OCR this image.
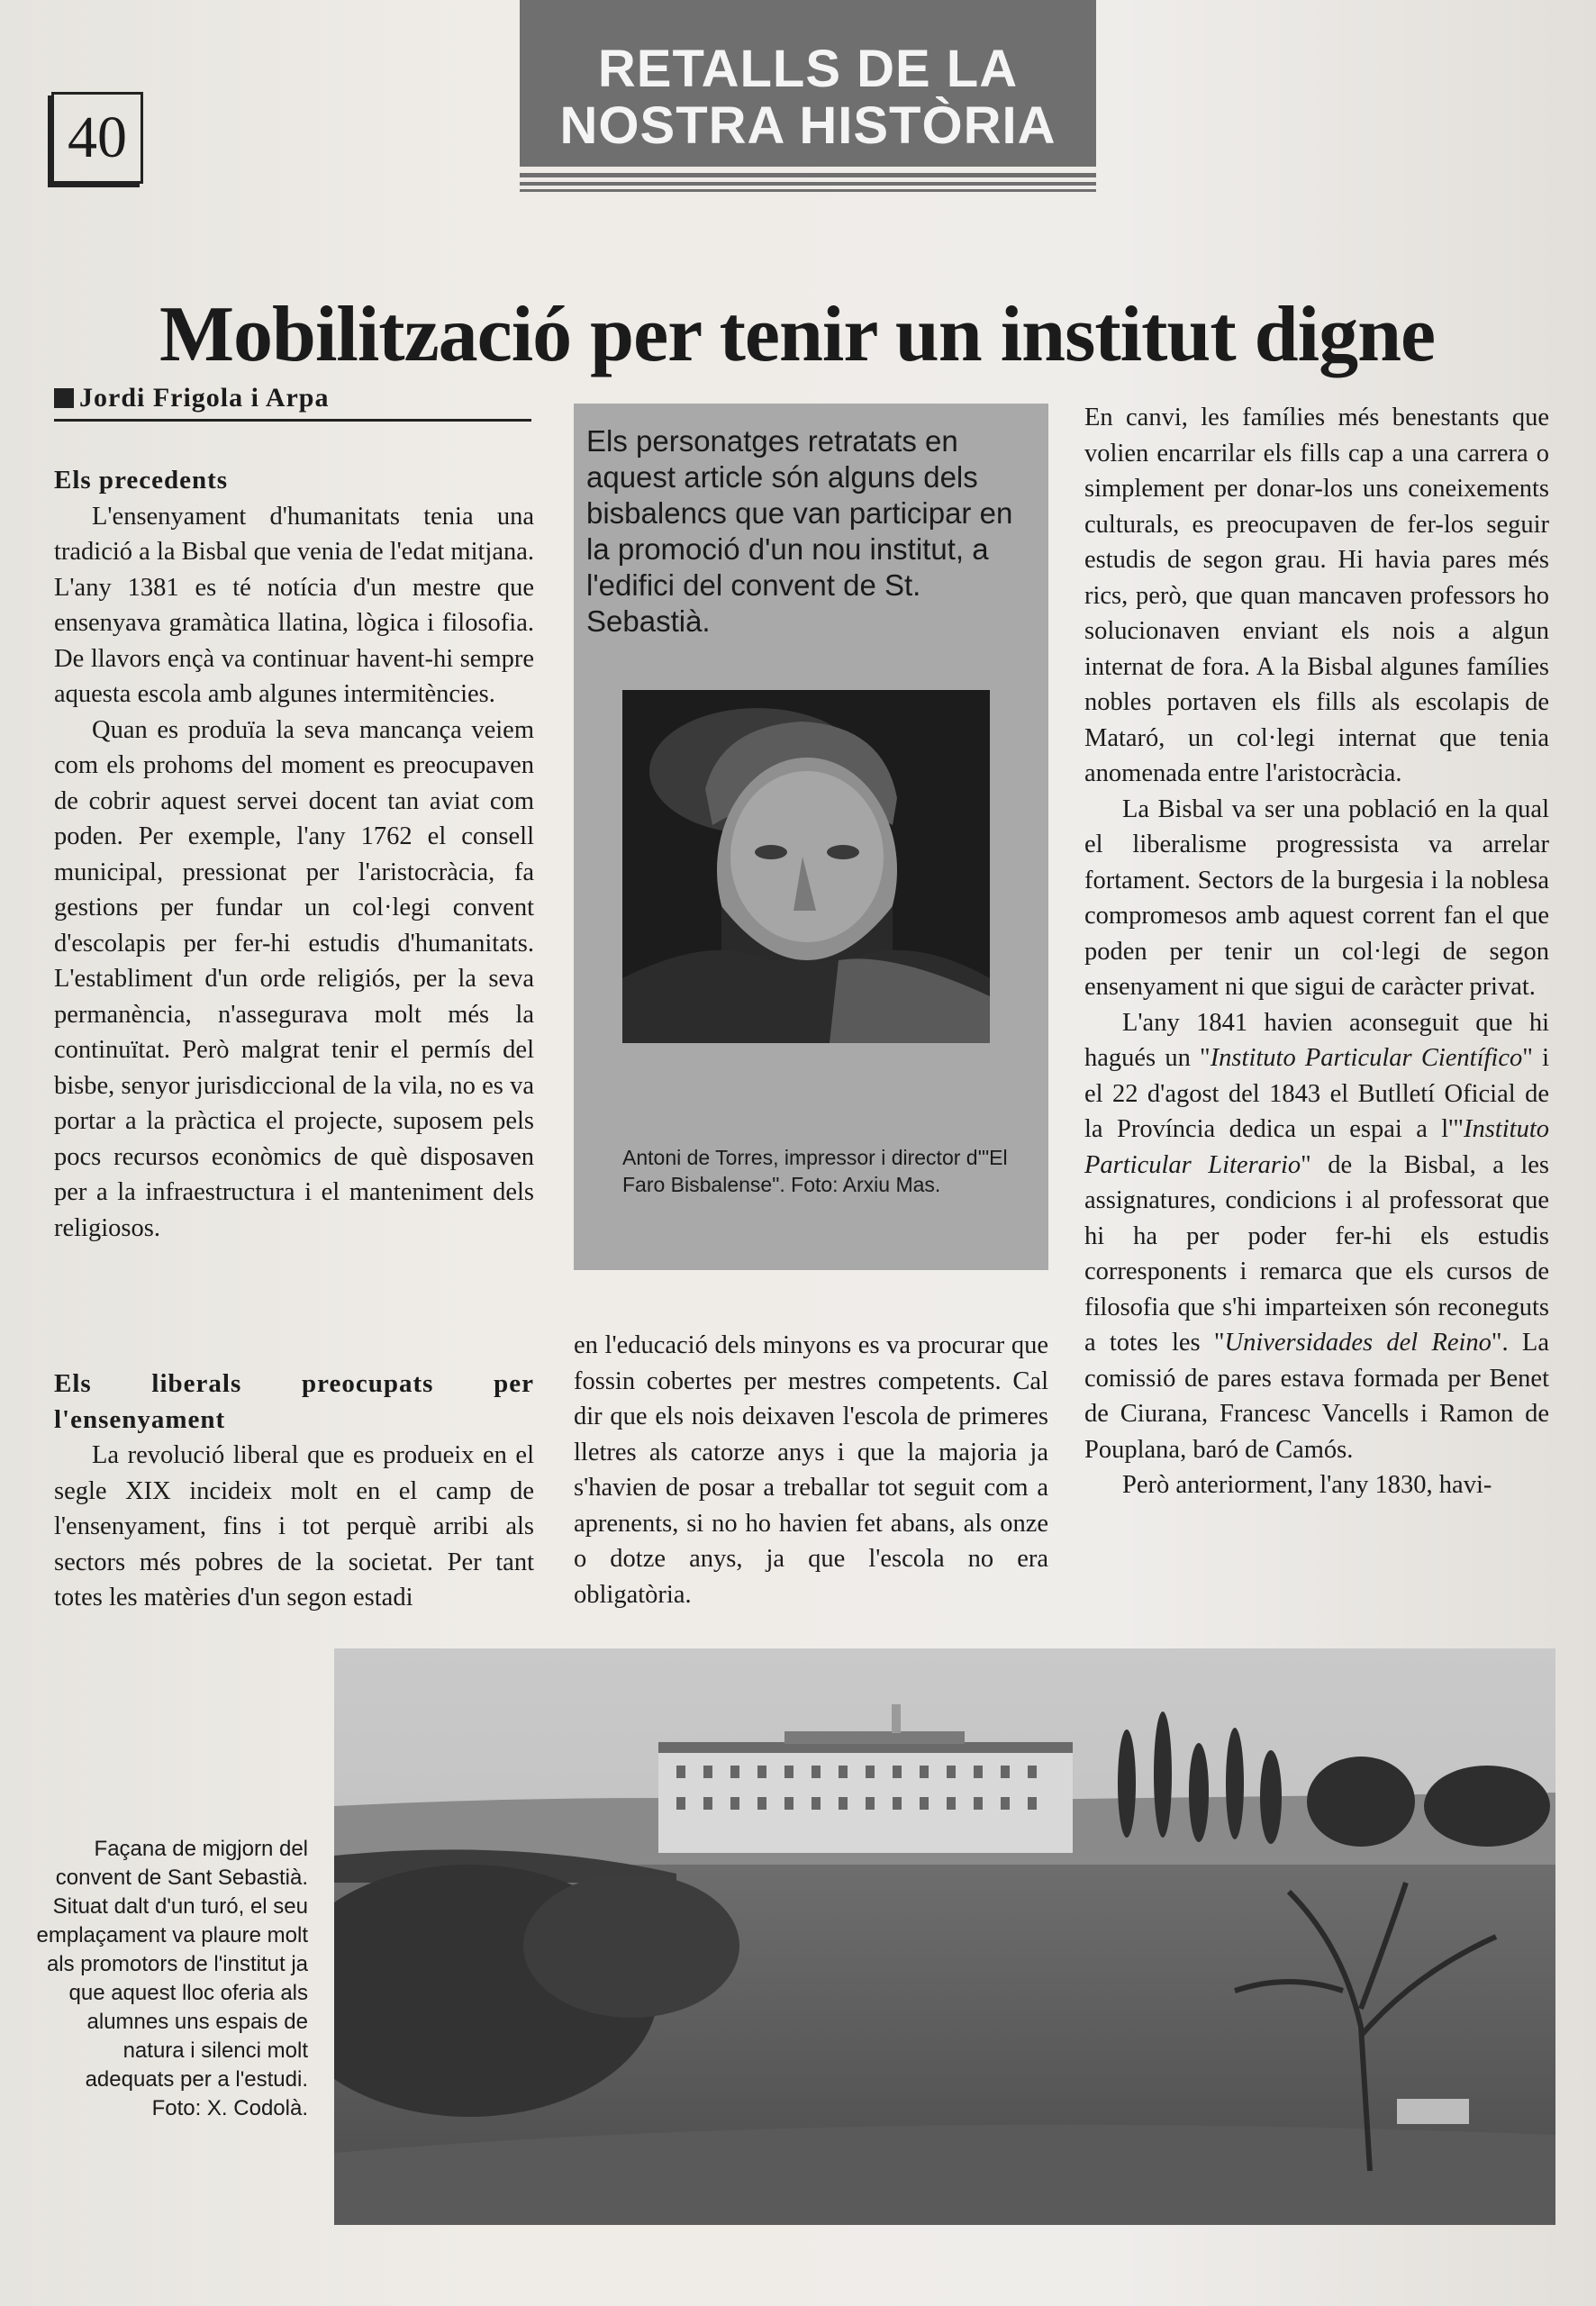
40
RETALLS DE LA
NOSTRA HISTÒRIA
Mobilització per tenir un institut digne
Jordi Frigola i Arpa
Els precedents

L'ensenyament d'humanitats tenia una tradició a la Bisbal que venia de l'edat mitjana. L'any 1381 es té notícia d'un mestre que ensenyava gramàtica llatina, lògica i filosofia. De llavors ençà va continuar havent-hi sempre aquesta escola amb algunes intermitències.

Quan es produïa la seva mancança veiem com els prohoms del moment es preocupaven de cobrir aquest servei docent tan aviat com poden. Per exemple, l'any 1762 el consell municipal, pressionat per l'aristocràcia, fa gestions per fundar un col·legi convent d'escolapis per fer-hi estudis d'humanitats. L'establiment d'un orde religiós, per la seva permanència, n'assegurava molt més la continuïtat. Però malgrat tenir el permís del bisbe, senyor jurisdiccional de la vila, no es va portar a la pràctica el projecte, suposem pels pocs recursos econòmics de què disposaven per a la infraestructura i el manteniment dels religiosos.

Els liberals preocupats per l'ensenyament

La revolució liberal que es produeix en el segle XIX incideix molt en el camp de l'ensenyament, fins i tot perquè arribi als sectors més pobres de la societat. Per tant totes les matèries d'un segon estadi

Els personatges retratats en aquest article són alguns dels bisbalencs que van participar en la promoció d'un nou institut, a l'edifici del convent de St. Sebastià.
Antoni de Torres, impressor i director d'"El Faro Bisbalense". Foto: Arxiu Mas.

en l'educació dels minyons es va procurar que fossin cobertes per mestres competents. Cal dir que els nois deixaven l'escola de primeres lletres als catorze anys i que la majoria ja s'havien de posar a treballar tot seguit com a aprenents, si no ho havien fet abans, als onze o dotze anys, ja que l'escola no era obligatòria.

En canvi, les famílies més benestants que volien encarrilar els fills cap a una carrera o simplement per donar-los uns coneixements culturals, es preocupaven de fer-los seguir estudis de segon grau. Hi havia pares més rics, però, que quan mancaven professors ho solucionaven enviant els nois a algun internat de fora. A la Bisbal algunes famílies nobles portaven els fills als escolapis de Mataró, un col·legi internat que tenia anomenada entre l'aristocràcia.

La Bisbal va ser una població en la qual el liberalisme progressista va arrelar fortament. Sectors de la burgesia i la noblesa compromesos amb aquest corrent fan el que poden per tenir un col·legi de segon ensenyament ni que sigui de caràcter privat.

L'any 1841 havien aconseguit que hi hagués un "Instituto Particular Científico" i el 22 d'agost del 1843 el Butlletí Oficial de la Província dedica un espai a l'"Instituto Particular Literario" de la Bisbal, a les assignatures, condicions i al professorat que hi ha per poder fer-hi els estudis corresponents i remarca que els cursos de filosofia que s'hi imparteixen són reconeguts a totes les "Universidades del Reino". La comissió de pares estava formada per Benet de Ciurana, Francesc Vancells i Ramon de Pouplana, baró de Camós.

Però anteriorment, l'any 1830, havi-

Façana de migjorn del convent de Sant Sebastià. Situat dalt d'un turó, el seu emplaçament va plaure molt als promotors de l'institut ja que aquest lloc oferia als alumnes uns espais de natura i silenci molt adequats per a l'estudi. Foto: X. Codolà.
